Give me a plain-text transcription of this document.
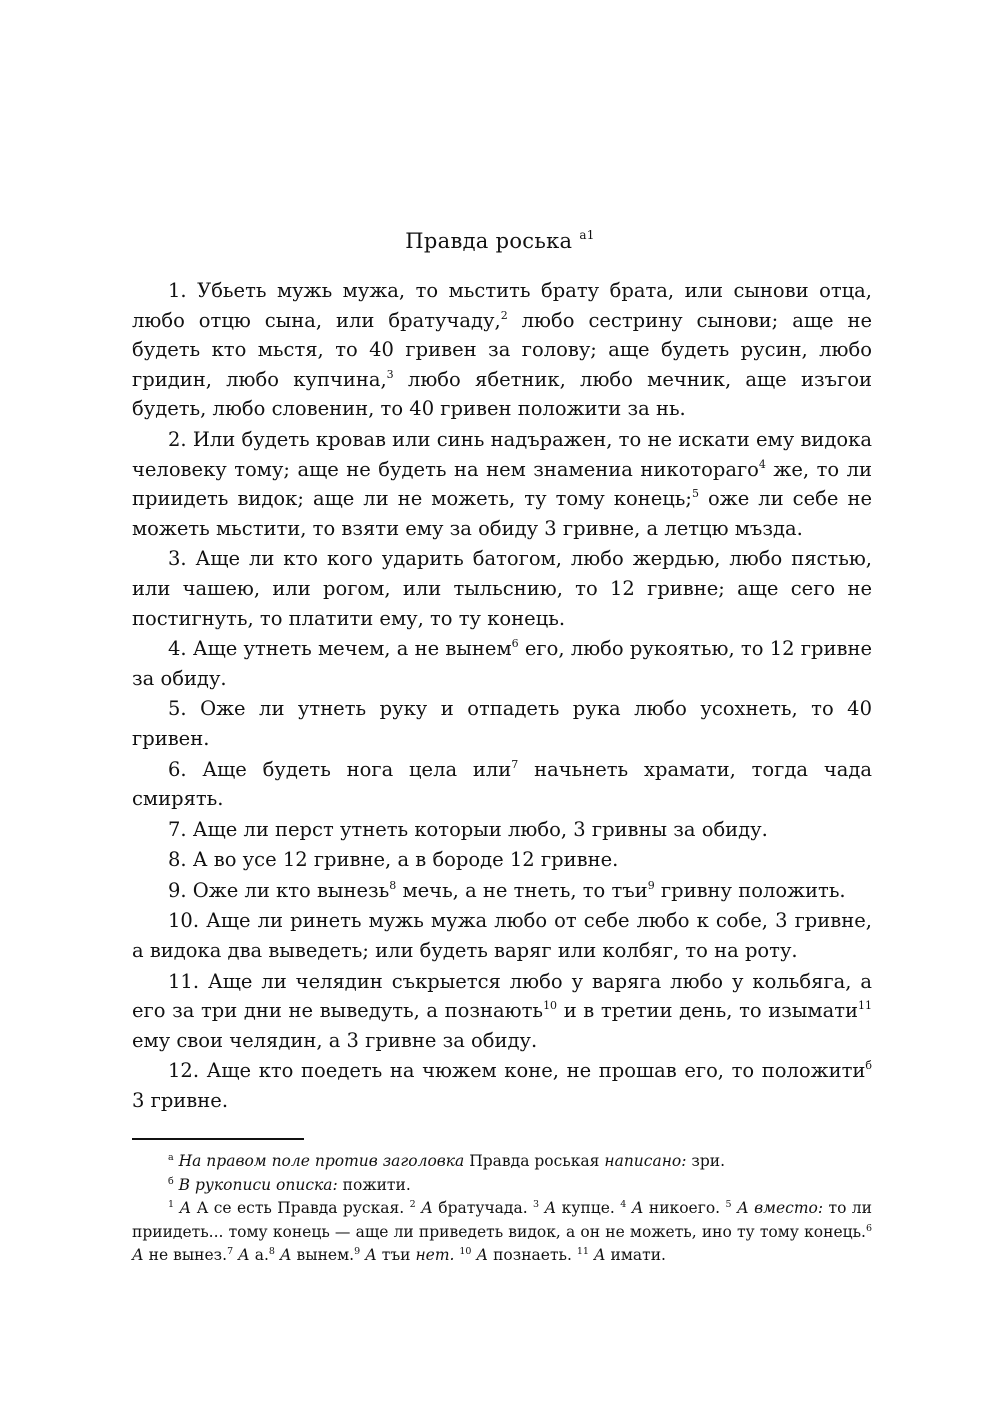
Правда роська $^{а1}$

1. Убьеть мужь мужа, то мьстить брату брата, или сынови отца, любо отцю сына, или братучаду,$^2$ любо сестрину сынови; аще не будеть кто мьстя, то 40 гривен за голову; аще будеть русин, любо гридин, любо купчина,$^3$ любо ябетник, любо мечник, аще изъгои будеть, любо словенин, то 40 гривен положити за нь.

2. Или будеть кровав или синь надъражен, то не искати ему видока человеку тому; аще не будеть на нем знамениа никотораго$^4$ же, то ли приидеть видок; аще ли не можеть, ту тому конець;$^5$ оже ли себе не можеть мьстити, то взяти ему за обиду 3 гривне, а летцю мъзда.

3. Аще ли кто кого ударить батогом, любо жердью, любо пястью, или чашею, или рогом, или тыльснию, то 12 гривне; аще сего не постигнуть, то платити ему, то ту конець.

4. Аще утнеть мечем, а не вынем$^6$ его, любо рукоятью, то 12 гривне за обиду.

5. Оже ли утнеть руку и отпадеть рука любо усохнеть, то 40 гривен.

6. Аще будеть нога цела или$^7$ начьнеть храмати, тогда чада смирять.

7. Аще ли перст утнеть которыи любо, 3 гривны за обиду.

8. А во усе 12 гривне, а в бороде 12 гривне.

9. Оже ли кто вынезь$^8$ мечь, а не тнеть, то тъи$^9$ гривну положить.

10. Аще ли ринеть мужь мужа любо от себе любо к собе, 3 гривне, а видока два выведеть; или будеть варяг или колбяг, то на роту.

11. Аще ли челядин съкрыется любо у варяга любо у кольбяга, а его за три дни не выведуть, а познають$^{10}$ и в третии день, то изымати$^{11}$ ему свои челядин, а 3 гривне за обиду.

12. Аще кто поедеть на чюжем коне, не прошав его, то положити$^б$ 3 гривне.

$^а$ На правом поле против заголовка Правда роськая написано: зри.

$^б$ В рукописи описка: пожити.

$^1$ А А се есть Правда руская. $^2$ А братучада. $^3$ А купце. $^4$ А никоего. $^5$ А вместо: то ли приидеть... тому конець — аще ли приведеть видок, а он не можеть, ино ту тому конець.$^6$ А не вынез.$^7$ А а.$^8$ А вынем.$^9$ А тъи нет. $^{10}$ А познаеть. $^{11}$ А имати.
